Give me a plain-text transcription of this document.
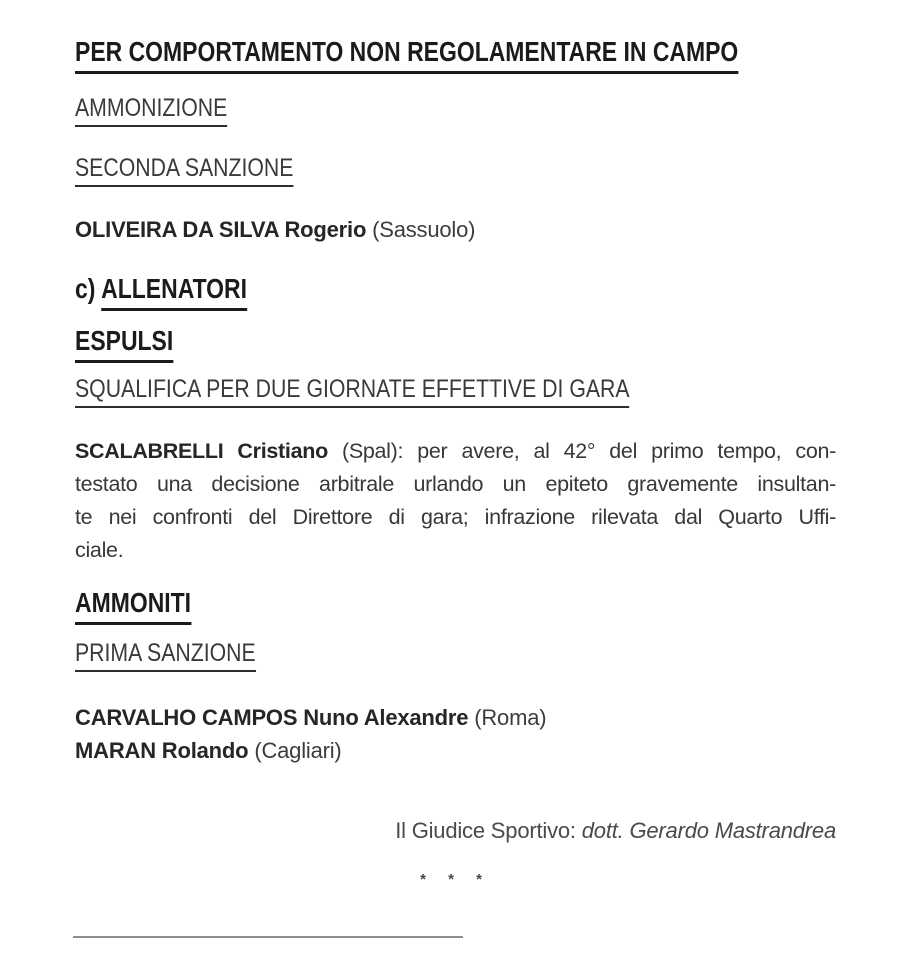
PER COMPORTAMENTO NON REGOLAMENTARE IN CAMPO
AMMONIZIONE
SECONDA SANZIONE
OLIVEIRA DA SILVA Rogerio (Sassuolo)
c) ALLENATORI
ESPULSI
SQUALIFICA PER DUE GIORNATE EFFETTIVE DI GARA
SCALABRELLI Cristiano (Spal): per avere, al 42° del primo tempo, con-
testato una decisione arbitrale urlando un epiteto gravemente insultan-
te nei confronti del Direttore di gara; infrazione rilevata dal Quarto Uffi-
ciale.
AMMONITI
PRIMA SANZIONE
CARVALHO CAMPOS Nuno Alexandre (Roma)
MARAN Rolando (Cagliari)
Il Giudice Sportivo: dott. Gerardo Mastrandrea
* * *
